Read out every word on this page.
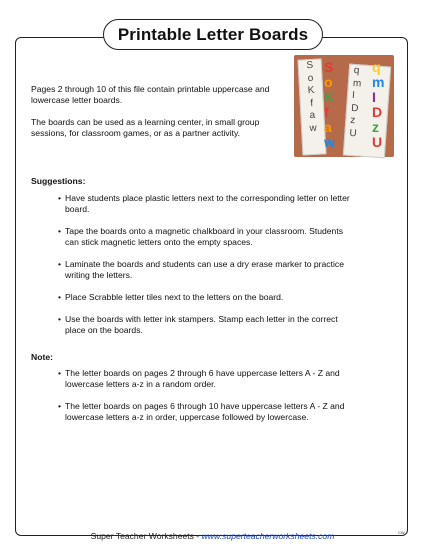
Printable Letter Boards

Pages 2 through 10 of this file contain printable uppercase and lowercase letter boards.

The boards can be used as a learning center, in small group sessions, for classroom games, or as a partner activity.

S
o
K
f
a
w
q
m
I
D
z
U
S
o
K
f
a
w
q
m
I
D
z
U
Suggestions:
• Have students place plastic letters next to the corresponding letter on letter board.
• Tape the boards onto a magnetic chalkboard in your classroom. Students can stick magnetic letters onto the empty spaces.
• Laminate the boards and students can use a dry erase marker to practice writing the letters.
• Place Scrabble letter tiles next to the letters on the board.
• Use the boards with letter ink stampers. Stamp each letter in the correct place on the boards.
Note:
• The letter boards on pages 2 through 6 have uppercase letters A - Z and lowercase letters a-z in a random order.
• The letter boards on pages 6 through 10 have uppercase letters A - Z and lowercase letters a-z in order, uppercase followed by lowercase.
Super Teacher Worksheets - www.superteacherworksheets.com	CW
